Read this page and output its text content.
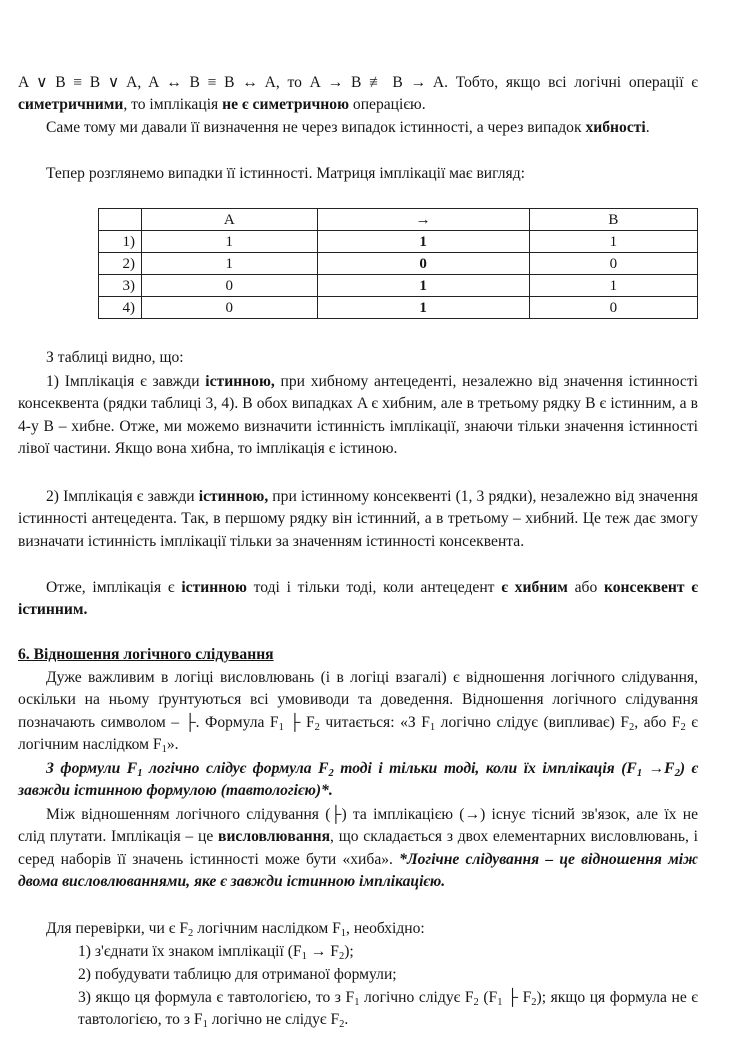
A ∨ B ≡ B ∨ A, A ↔ B ≡ B ↔ A, то A → B ≢ B → A. Тобто, якщо всі логічні операції є симетричними, то імплікація не є симетричною операцією.

Саме тому ми давали її визначення не через випадок істинності, а через випадок хибності.

Тепер розглянемо випадки її істинності. Матриця імплікації має вигляд:

	A	→	B
1)	1	1	1
2)	1	0	0
3)	0	1	1
4)	0	1	0

З таблиці видно, що:

1) Імплікація є завжди істинною, при хибному антецеденті, незалежно від значення істинності консеквента (рядки таблиці 3, 4). В обох випадках A є хибним, але в третьому рядку B є істинним, а в 4-у B – хибне. Отже, ми можемо визначити істинність імплікації, знаючи тільки значення істинності лівої частини. Якщо вона хибна, то імплікація є істиною.

2) Імплікація є завжди істинною, при істинному консеквенті (1, 3 рядки), незалежно від значення істинності антецедента. Так, в першому рядку він істинний, а в третьому – хибний. Це теж дає змогу визначати істинність імплікації тільки за значенням істинності консеквента.

Отже, імплікація є істинною тоді і тільки тоді, коли антецедент є хибним або консеквент є істинним.

6. Відношення логічного слідування

Дуже важливим в логіці висловлювань (і в логіці взагалі) є відношення логічного слідування, оскільки на ньому ґрунтуються всі умовиводи та доведення. Відношення логічного слідування позначають символом – ├. Формула $F_1$ ├ $F_2$ читається: «З $F_1$ логічно слідує (випливає) $F_2$, або $F_2$ є логічним наслідком $F_1$».

З формули $F_1$ логічно слідує формула $F_2$ тоді і тільки тоді, коли їх імплікація $(F_1 \to F_2)$ є завжди істинною формулою (тавтологією)*.

Між відношенням логічного слідування (├) та імплікацією (→) існує тісний зв'язок, але їх не слід плутати. Імплікація – це висловлювання, що складається з двох елементарних висловлювань, і серед наборів її значень істинності може бути «хиба». *Логічне слідування – це відношення між двома висловлюваннями, яке є завжди істинною імплікацією.

Для перевірки, чи є $F_2$ логічним наслідком $F_1$, необхідно:

1) з'єднати їх знаком імплікації $(F_1 \to F_2)$;

2) побудувати таблицю для отриманої формули;

3) якщо ця формула є тавтологією, то з $F_1$ логічно слідує $F_2$ ($F_1$ ├ $F_2$); якщо ця формула не є тавтологією, то з $F_1$ логічно не слідує $F_2$.
